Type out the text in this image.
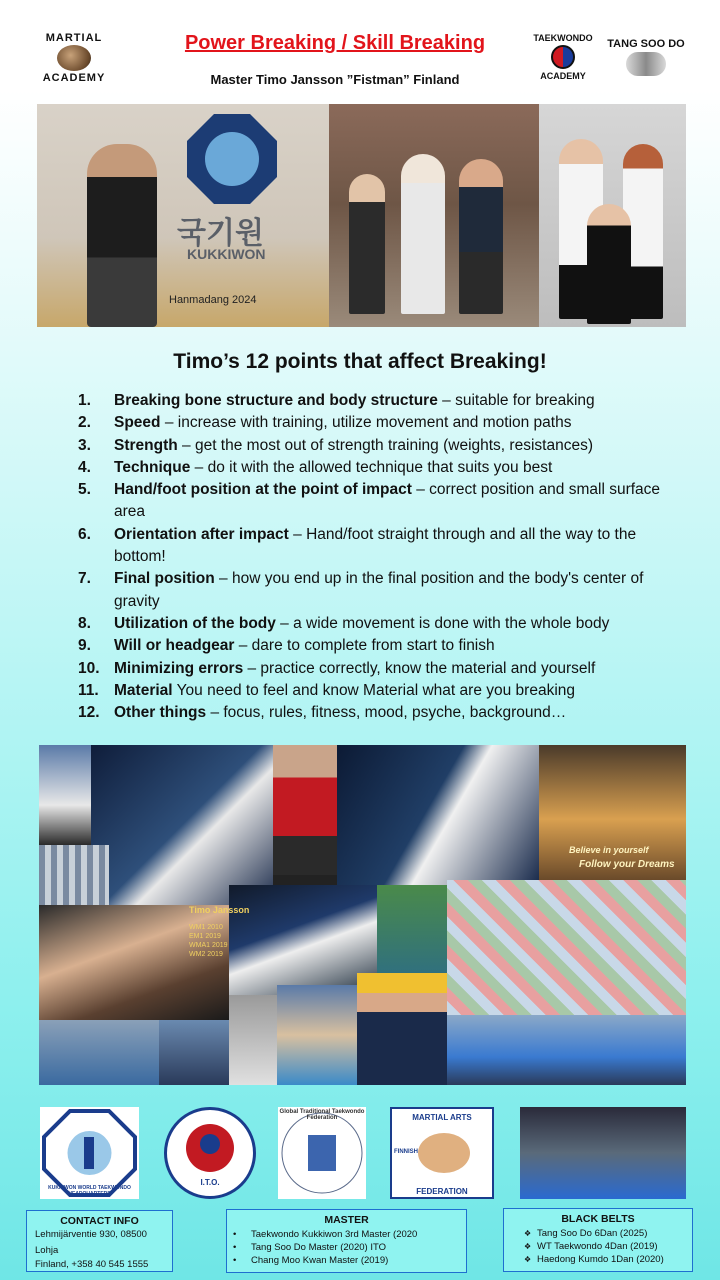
MARTIAL
ACADEMY
Power Breaking / Skill Breaking
Master Timo Jansson ”Fistman” Finland
TAEKWONDO
ACADEMY
TANG SOO DO
국기원
KUKKIWON
Hanmadang 2024
Timo’s 12 points that affect Breaking!
1.	Breaking bone structure and body structure – suitable for breaking
2.	Speed – increase with training, utilize movement and motion paths
3.	Strength – get the most out of strength training (weights, resistances)
4.	Technique – do it with the allowed technique that suits you best
5.	Hand/foot position at the point of impact – correct position and small surface area
6.	Orientation after impact – Hand/foot straight through and all the way to the bottom!
7.	Final position – how you end up in the final position and the body's center of gravity
8.	Utilization of the body – a wide movement is done with the whole body
9.	Will or headgear – dare to complete from start to finish
10. Minimizing errors – practice correctly, know the material and yourself
11. Material You need to feel and know Material what are you breaking
12. Other things – focus, rules, fitness, mood, psyche, background…
Believe in yourself
Follow your Dreams
Timo Jansson
WM1 2010 EM1 2019 WMA1 2019 WM2 2019
KUKKIWON WORLD TAEKWONDO HEADQUARTERS
I.T.O.
Global Traditional Taekwondo Federation	MARTIAL ARTS
FINNISH
FEDERATION
CONTACT INFO
Lehmijärventie 930, 08500 Lohja
Finland, +358 40 545 1555
MASTER
• Taekwondo Kukkiwon 3rd Master (2020
• Tang Soo Do Master (2020) ITO
• Chang Moo Kwan Master (2019)
BLACK BELTS
❖ Tang Soo Do 6Dan (2025)
❖ WT Taekwondo 4Dan (2019)
❖ Haedong Kumdo 1Dan (2020)
